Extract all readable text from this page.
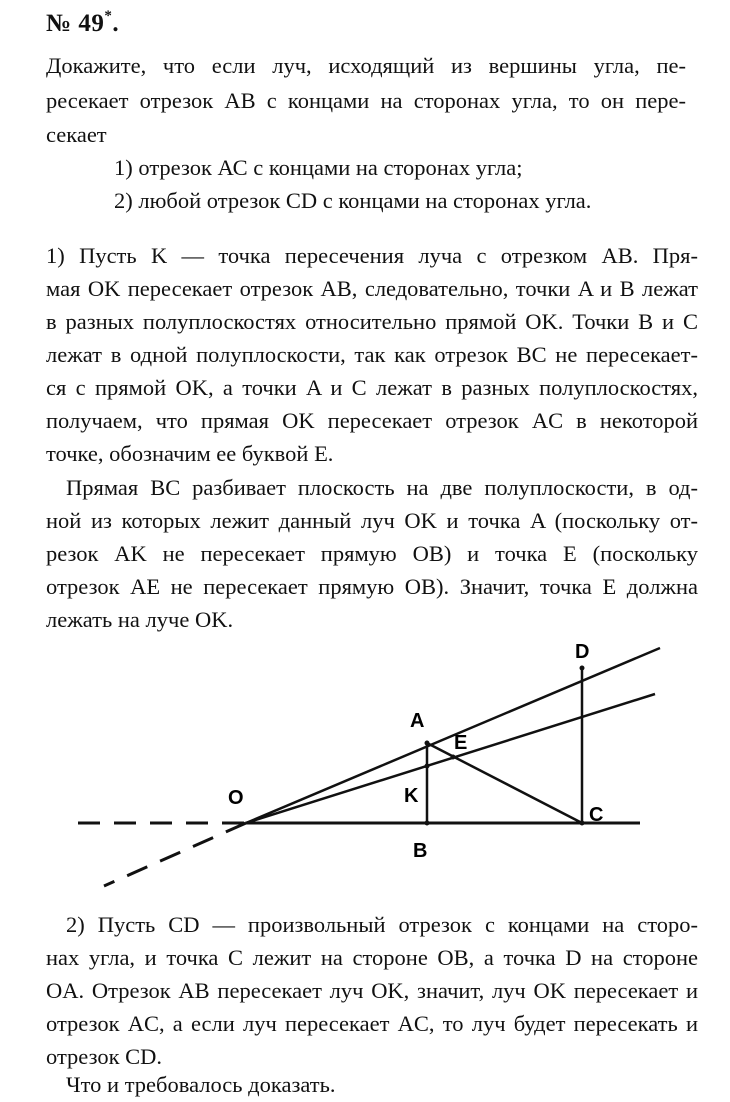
№ 49*.
Докажите, что если луч, исходящий из вершины угла, пе-
ресекает отрезок АВ с концами на сторонах угла, то он пере-
секает
1) отрезок АС с концами на сторонах угла;
2) любой отрезок CD с концами на сторонах угла.
1) Пусть K — точка пересечения луча с отрезком AB. Пря-
мая OK пересекает отрезок AB, следовательно, точки A и B лежат
в разных полуплоскостях относительно прямой OK. Точки B и C
лежат в одной полуплоскости, так как отрезок BC не пересекает-
ся с прямой OK, а точки A и C лежат в разных полуплоскостях,
получаем, что прямая OK пересекает отрезок AC в некоторой
точке, обозначим ее буквой E.
Прямая BC разбивает плоскость на две полуплоскости, в од-
ной из которых лежит данный луч OK и точка A (поскольку от-
резок AK не пересекает прямую OB) и точка E (поскольку
отрезок AE не пересекает прямую OB). Значит, точка E должна
лежать на луче OK.
O
A
E
K
B
C
D
2) Пусть CD — произвольный отрезок с концами на сторо-
нах угла, и точка C лежит на стороне OB, а точка D на стороне
OA. Отрезок AB пересекает луч OK, значит, луч OK пересекает и
отрезок AC, а если луч пересекает AC, то луч будет пересекать и
отрезок CD.
Что и требовалось доказать.
